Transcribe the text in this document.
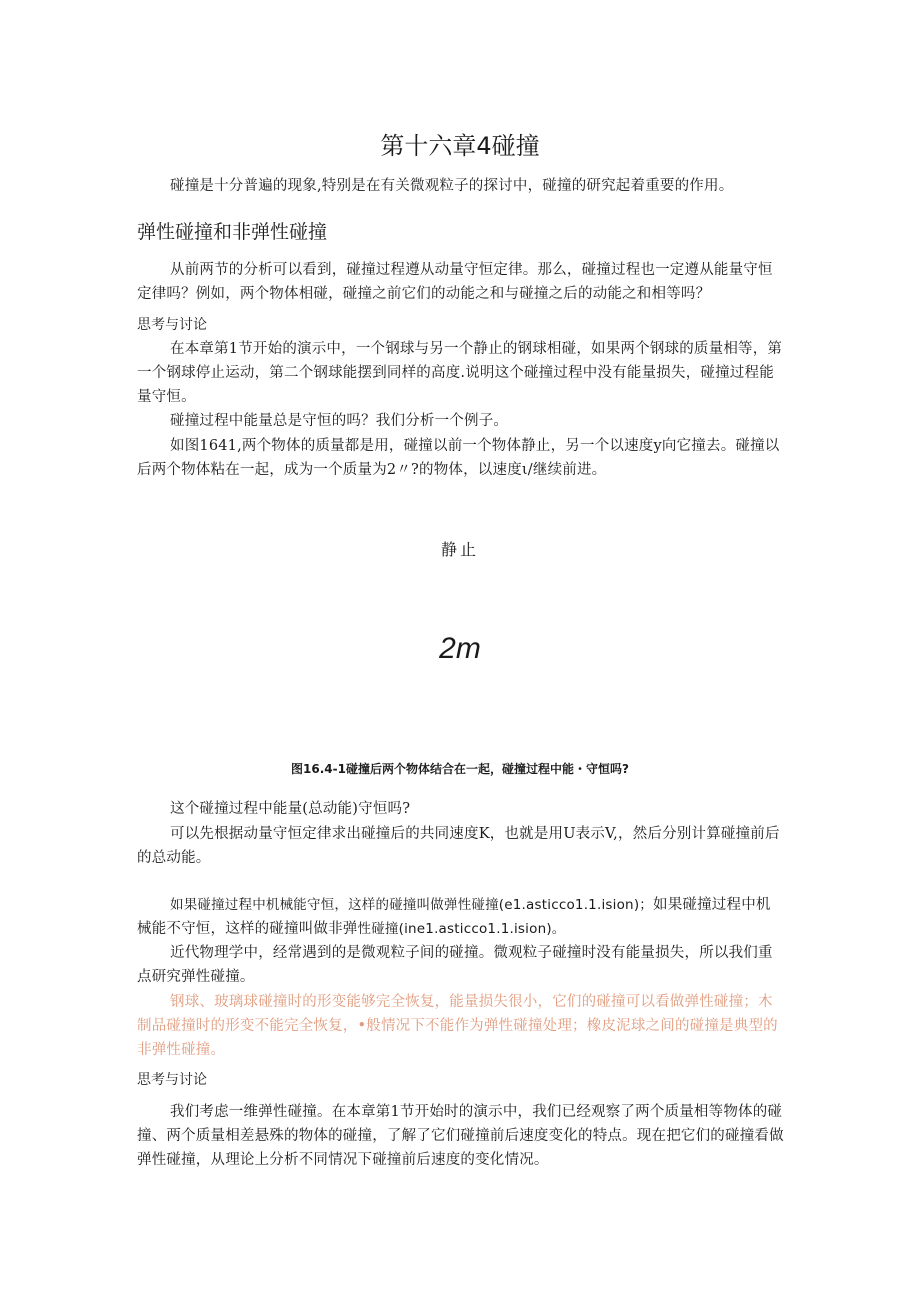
第十六章4碰撞

碰撞是十分普遍的现象,特别是在有关微观粒子的探讨中，碰撞的研究起着重要的作用。

弹性碰撞和非弹性碰撞

从前两节的分析可以看到，碰撞过程遵从动量守恒定律。那么，碰撞过程也一定遵从能量守恒定律吗？例如，两个物体相碰，碰撞之前它们的动能之和与碰撞之后的动能之和相等吗？

思考与讨论

在本章第1节开始的演示中，一个钢球与另一个静止的钢球相碰，如果两个钢球的质量相等，第一个钢球停止运动，第二个钢球能摆到同样的高度.说明这个碰撞过程中没有能量损失，碰撞过程能量守恒。

碰撞过程中能量总是守恒的吗？我们分析一个例子。

如图1641,两个物体的质量都是用，碰撞以前一个物体静止，另一个以速度y向它撞去。碰撞以后两个物体粘在一起，成为一个质量为2〃?的物体，以速度ι/继续前进。

静止
2m
图16.4-1碰撞后两个物体结合在一起，碰撞过程中能・守恒吗?

这个碰撞过程中能量(总动能)守恒吗?

可以先根据动量守恒定律求出碰撞后的共同速度K，也就是用U表示V,，然后分别计算碰撞前后的总动能。

如果碰撞过程中机械能守恒，这样的碰撞叫做弹性碰撞(e1.asticco1.1.ision)；如果碰撞过程中机械能不守恒，这样的碰撞叫做非弹性碰撞(ine1.asticco1.1.ision)。

近代物理学中，经常遇到的是微观粒子间的碰撞。微观粒子碰撞时没有能量损失，所以我们重点研究弹性碰撞。

钢球、玻璃球碰撞时的形变能够完全恢复，能量损失很小，它们的碰撞可以看做弹性碰撞；木制品碰撞时的形变不能完全恢复，•般情况下不能作为弹性碰撞处理；橡皮泥球之间的碰撞是典型的非弹性碰撞。

思考与讨论

我们考虑一维弹性碰撞。在本章第1节开始时的演示中，我们已经观察了两个质量相等物体的碰撞、两个质量相差悬殊的物体的碰撞，了解了它们碰撞前后速度变化的特点。现在把它们的碰撞看做弹性碰撞，从理论上分析不同情况下碰撞前后速度的变化情况。
